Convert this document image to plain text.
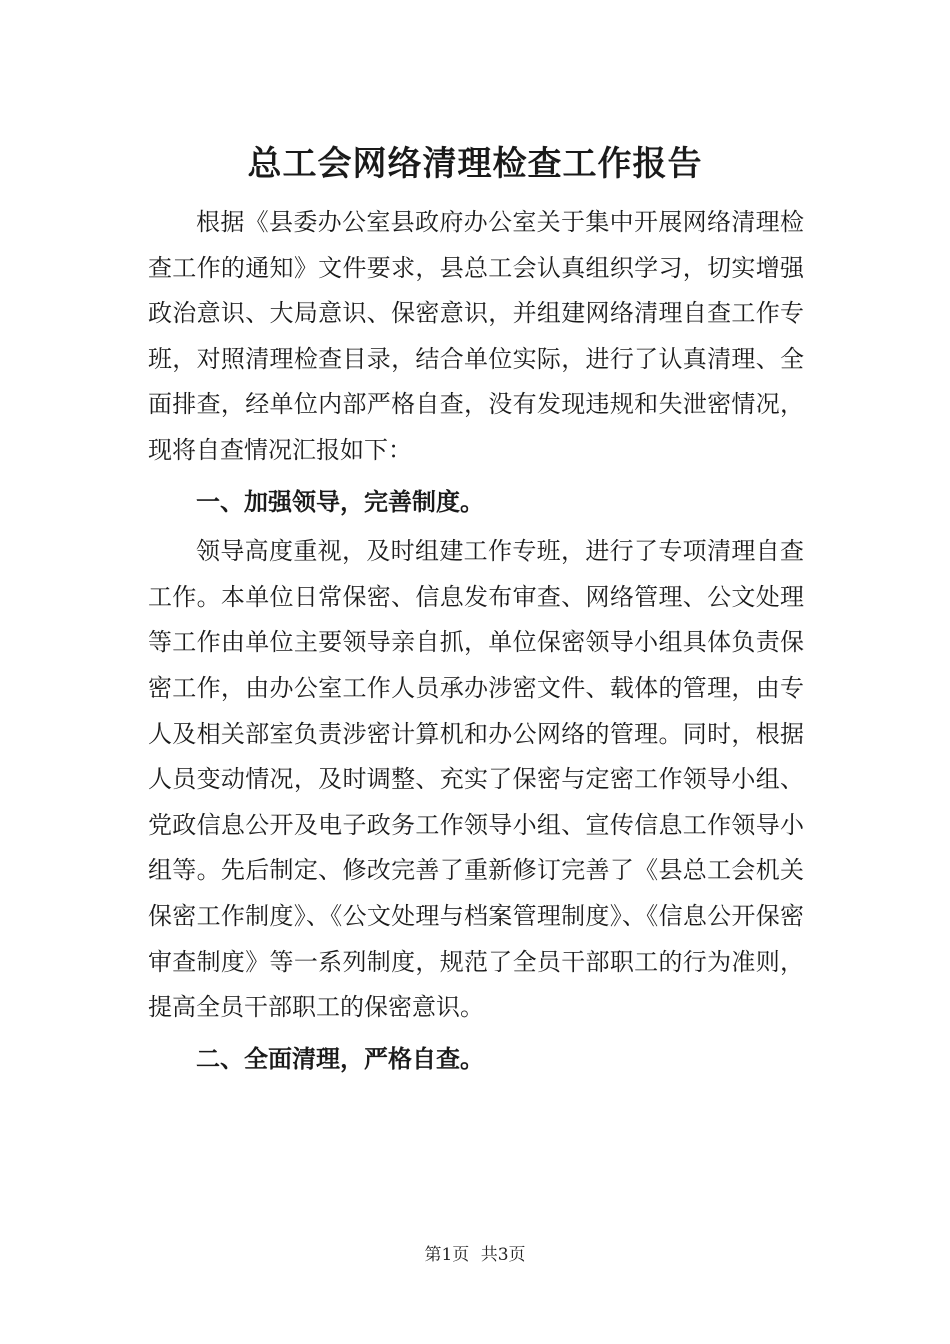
总工会网络清理检查工作报告

根据《县委办公室县政府办公室关于集中开展网络清理检查工作的通知》文件要求，县总工会认真组织学习，切实增强政治意识、大局意识、保密意识，并组建网络清理自查工作专班，对照清理检查目录，结合单位实际，进行了认真清理、全面排查，经单位内部严格自查，没有发现违规和失泄密情况，现将自查情况汇报如下：

一、加强领导，完善制度。

领导高度重视，及时组建工作专班，进行了专项清理自查工作。本单位日常保密、信息发布审查、网络管理、公文处理等工作由单位主要领导亲自抓，单位保密领导小组具体负责保密工作，由办公室工作人员承办涉密文件、载体的管理，由专人及相关部室负责涉密计算机和办公网络的管理。同时，根据人员变动情况，及时调整、充实了保密与定密工作领导小组、党政信息公开及电子政务工作领导小组、宣传信息工作领导小组等。先后制定、修改完善了重新修订完善了《县总工会机关保密工作制度》、《公文处理与档案管理制度》、《信息公开保密审查制度》等一系列制度，规范了全员干部职工的行为准则，提高全员干部职工的保密意识。

二、全面清理，严格自查。

第1页 共3页
